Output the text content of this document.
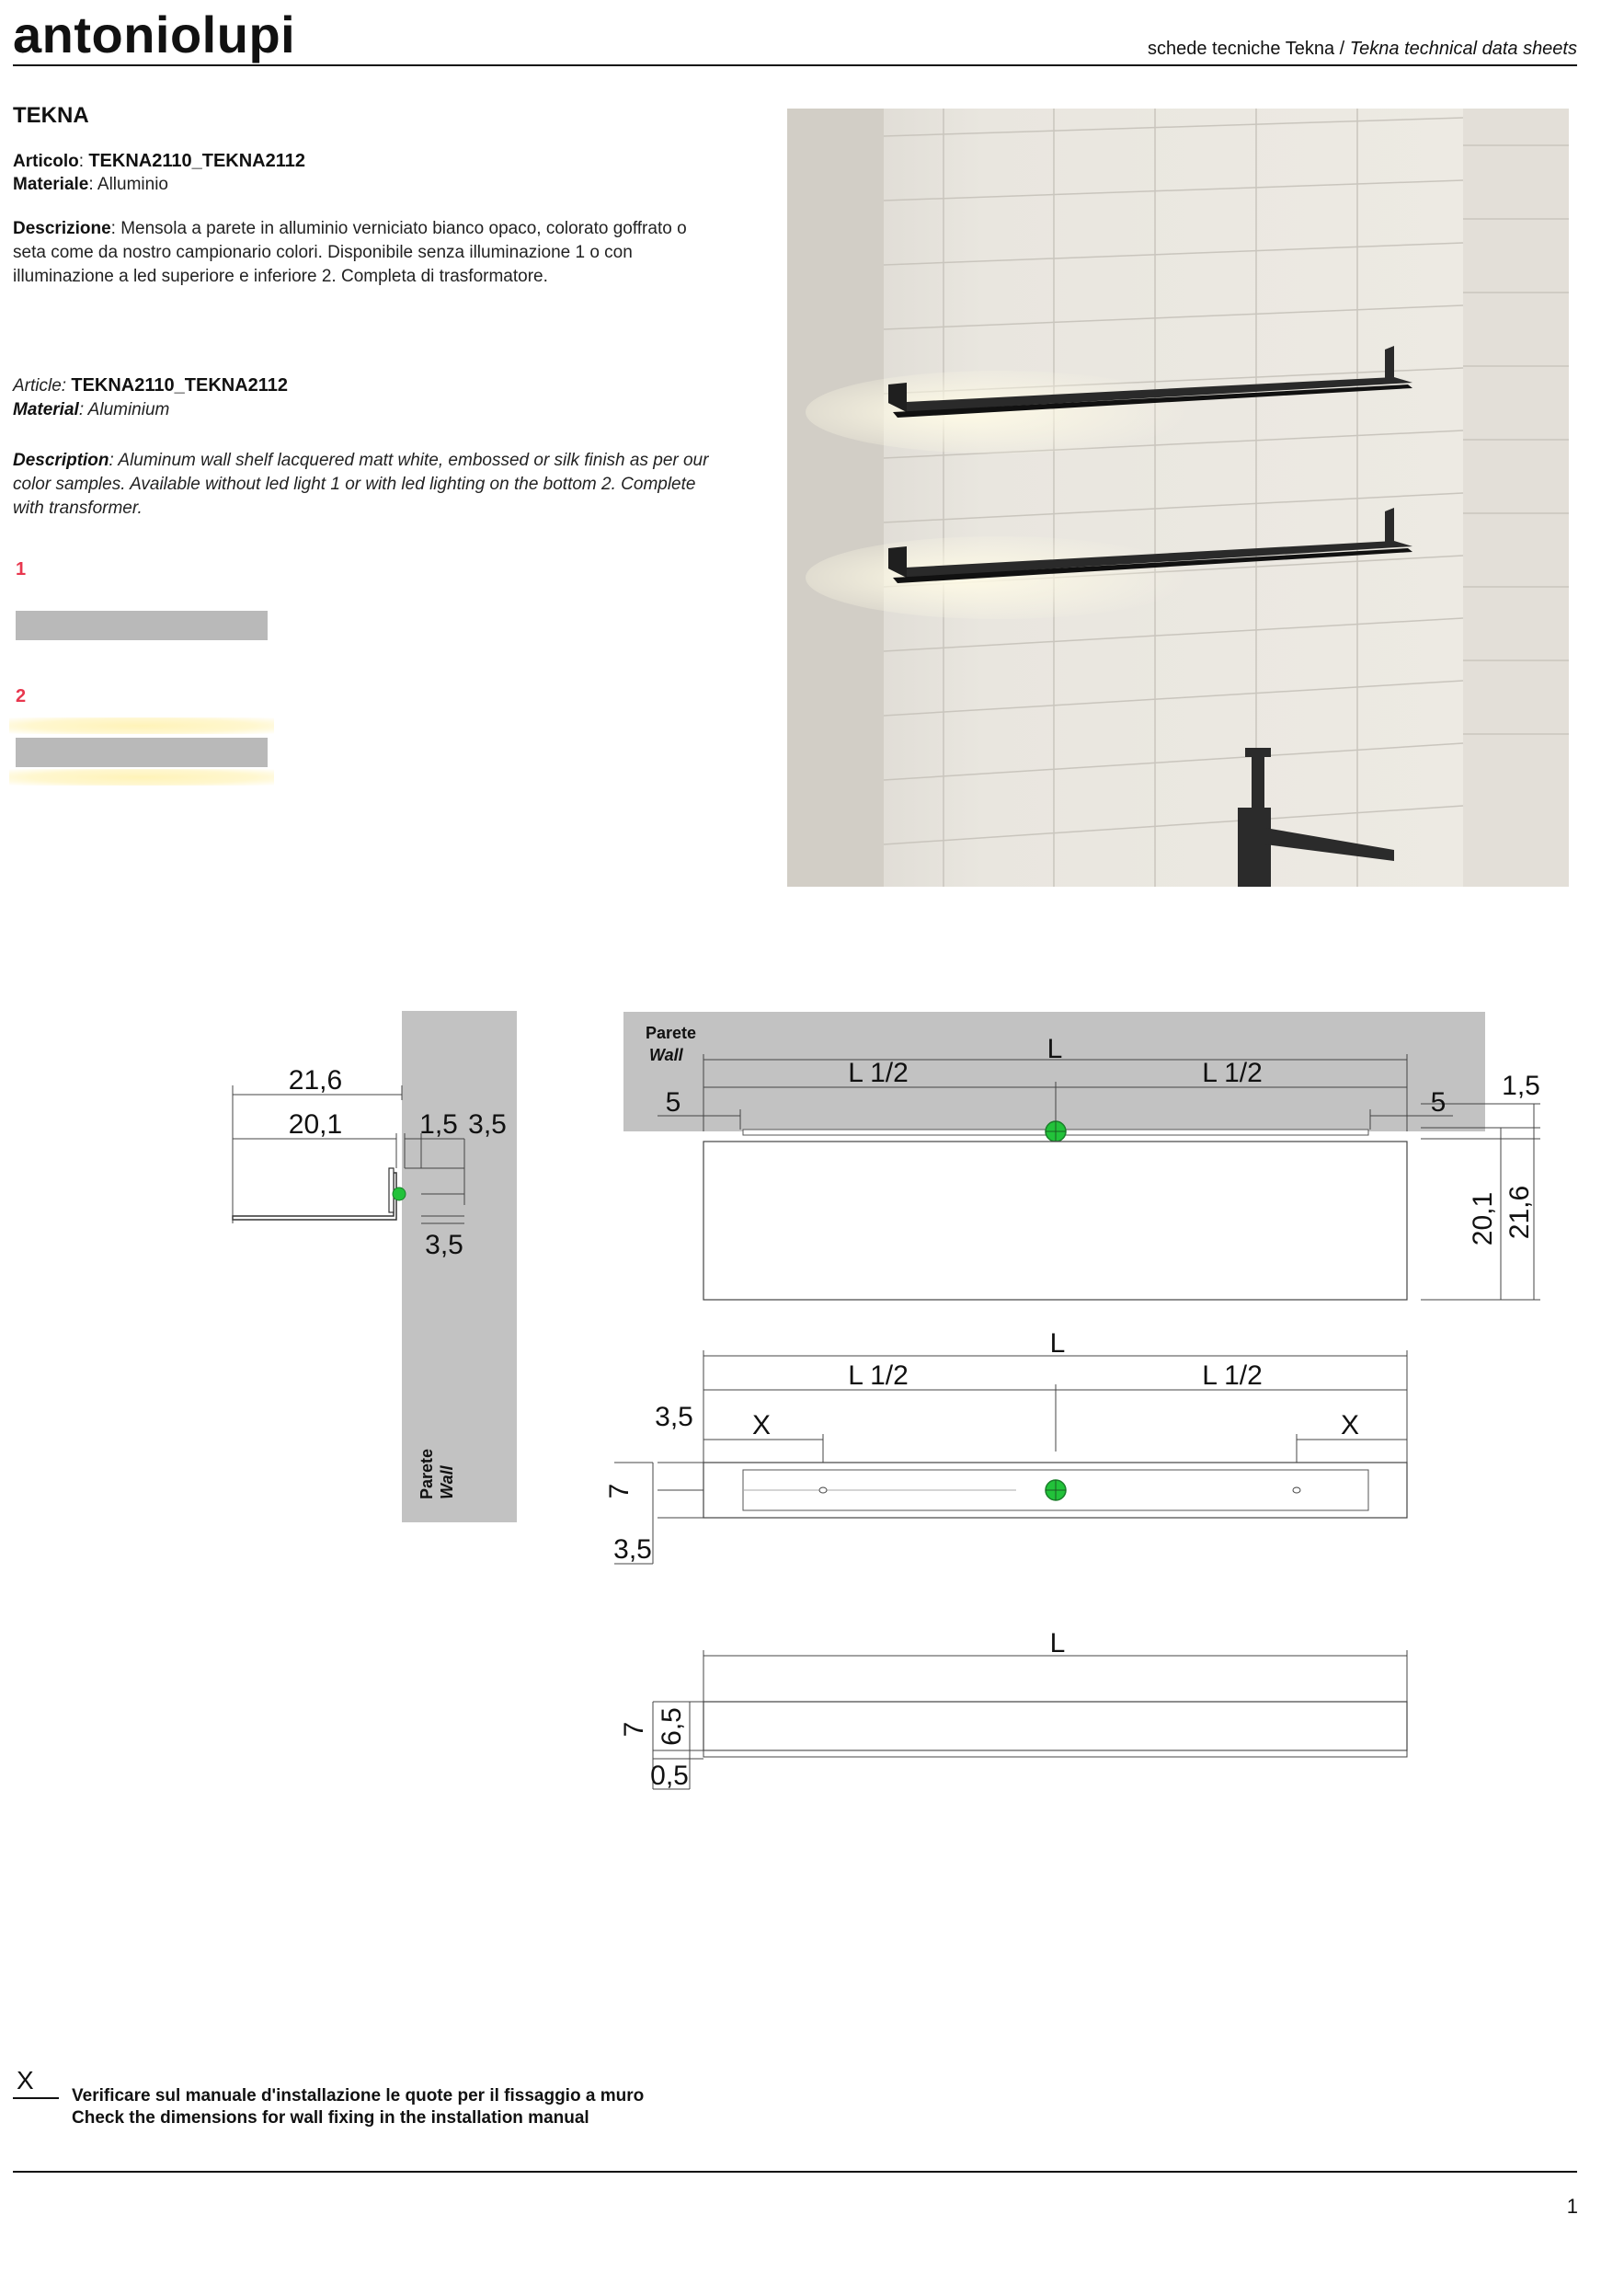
antoniolupi	schede tecniche Tekna / Tekna technical data sheets
TEKNA
Articolo: TEKNA2110_TEKNA2112
Materiale: Alluminio
Descrizione: Mensola a parete in alluminio verniciato bianco opaco, colorato goffrato o seta come da nostro campionario colori. Disponibile senza illuminazione 1 o con illuminazione a led superiore e inferiore 2. Completa di trasformatore.
Article: TEKNA2110_TEKNA2112
Material: Aluminium
Description: Aluminum wall shelf lacquered matt white, embossed or silk finish as per our color samples. Available without led light 1 or with led lighting on the bottom 2. Complete with transformer.
1
2
Parete Wall
21,6
20,1	1,5 3,5
3,5
Parete
Wall	L
L 1/2	L 1/2
5	5
1,5
20,1 21,6
L
L 1/2	L 1/2
X	X
3,5
7
3,5
L
7 6,5
0,5
X
Verificare sul manuale d'installazione le quote per il fissaggio a muro
Check the dimensions for wall fixing in the installation manual
1
